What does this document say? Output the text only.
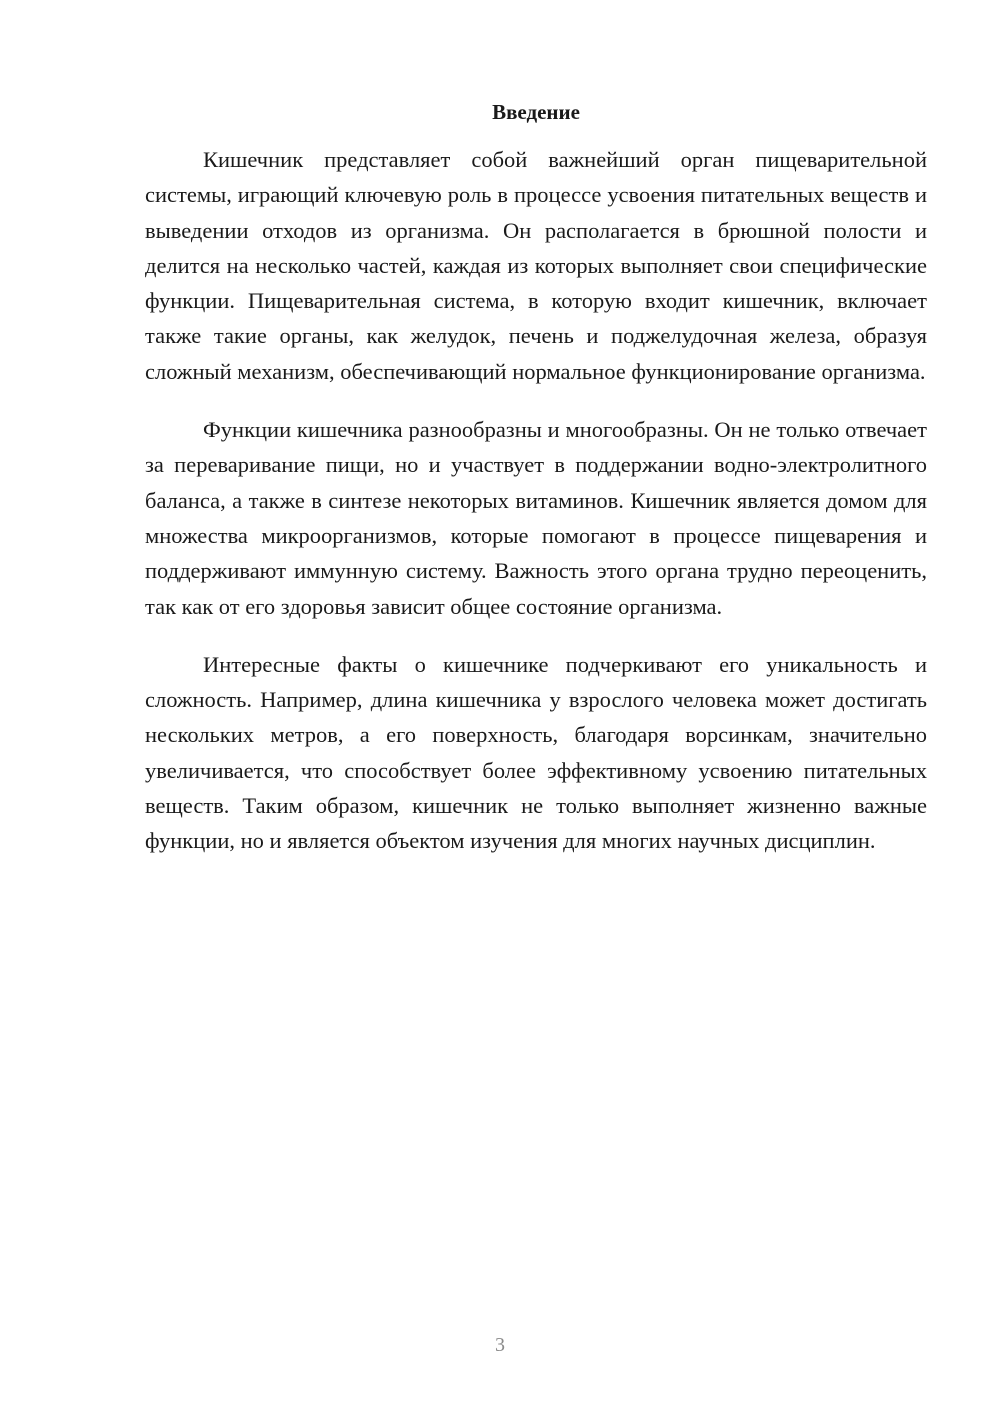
Введение

Кишечник представляет собой важнейший орган пищеварительной системы, играющий ключевую роль в процессе усвоения питательных веществ и выведении отходов из организма. Он располагается в брюшной полости и делится на несколько частей, каждая из которых выполняет свои специфические функции. Пищеварительная система, в которую входит кишечник, включает также такие органы, как желудок, печень и поджелудочная железа, образуя сложный механизм, обеспечивающий нормальное функционирование организма.

Функции кишечника разнообразны и многообразны. Он не только отвечает за переваривание пищи, но и участвует в поддержании водно-электролитного баланса, а также в синтезе некоторых витаминов. Кишечник является домом для множества микроорганизмов, которые помогают в процессе пищеварения и поддерживают иммунную систему. Важность этого органа трудно переоценить, так как от его здоровья зависит общее состояние организма.

Интересные факты о кишечнике подчеркивают его уникальность и сложность. Например, длина кишечника у взрослого человека может достигать нескольких метров, а его поверхность, благодаря ворсинкам, значительно увеличивается, что способствует более эффективному усвоению питательных веществ. Таким образом, кишечник не только выполняет жизненно важные функции, но и является объектом изучения для многих научных дисциплин.

3
